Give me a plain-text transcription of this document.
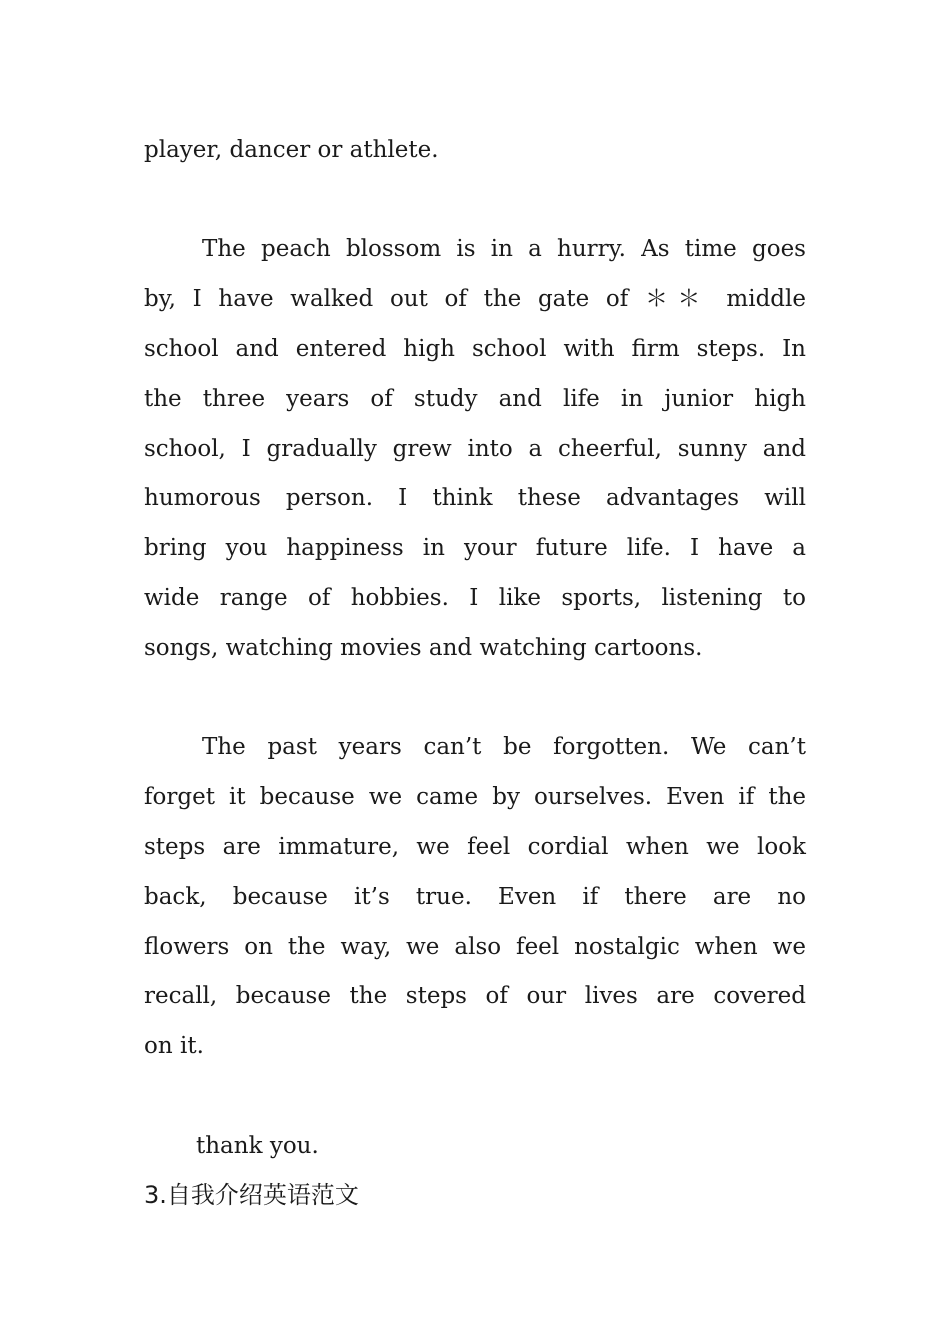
player, dancer or athlete.
The peach blossom is in a hurry. As time goes
by, I have walked out of the gate of ＊＊ middle
school and entered high school with firm steps. In
the three years of study and life in junior high
school, I gradually grew into a cheerful, sunny and
humorous person. I think these advantages will
bring you happiness in your future life. I have a
wide range of hobbies. I like sports, listening to
songs, watching movies and watching cartoons.
The past years can’t be forgotten. We can’t
forget it because we came by ourselves. Even if the
steps are immature, we feel cordial when we look
back, because it’s true. Even if there are no
flowers on the way, we also feel nostalgic when we
recall, because the steps of our lives are covered
on it.
thank you.
3.自我介绍英语范文
